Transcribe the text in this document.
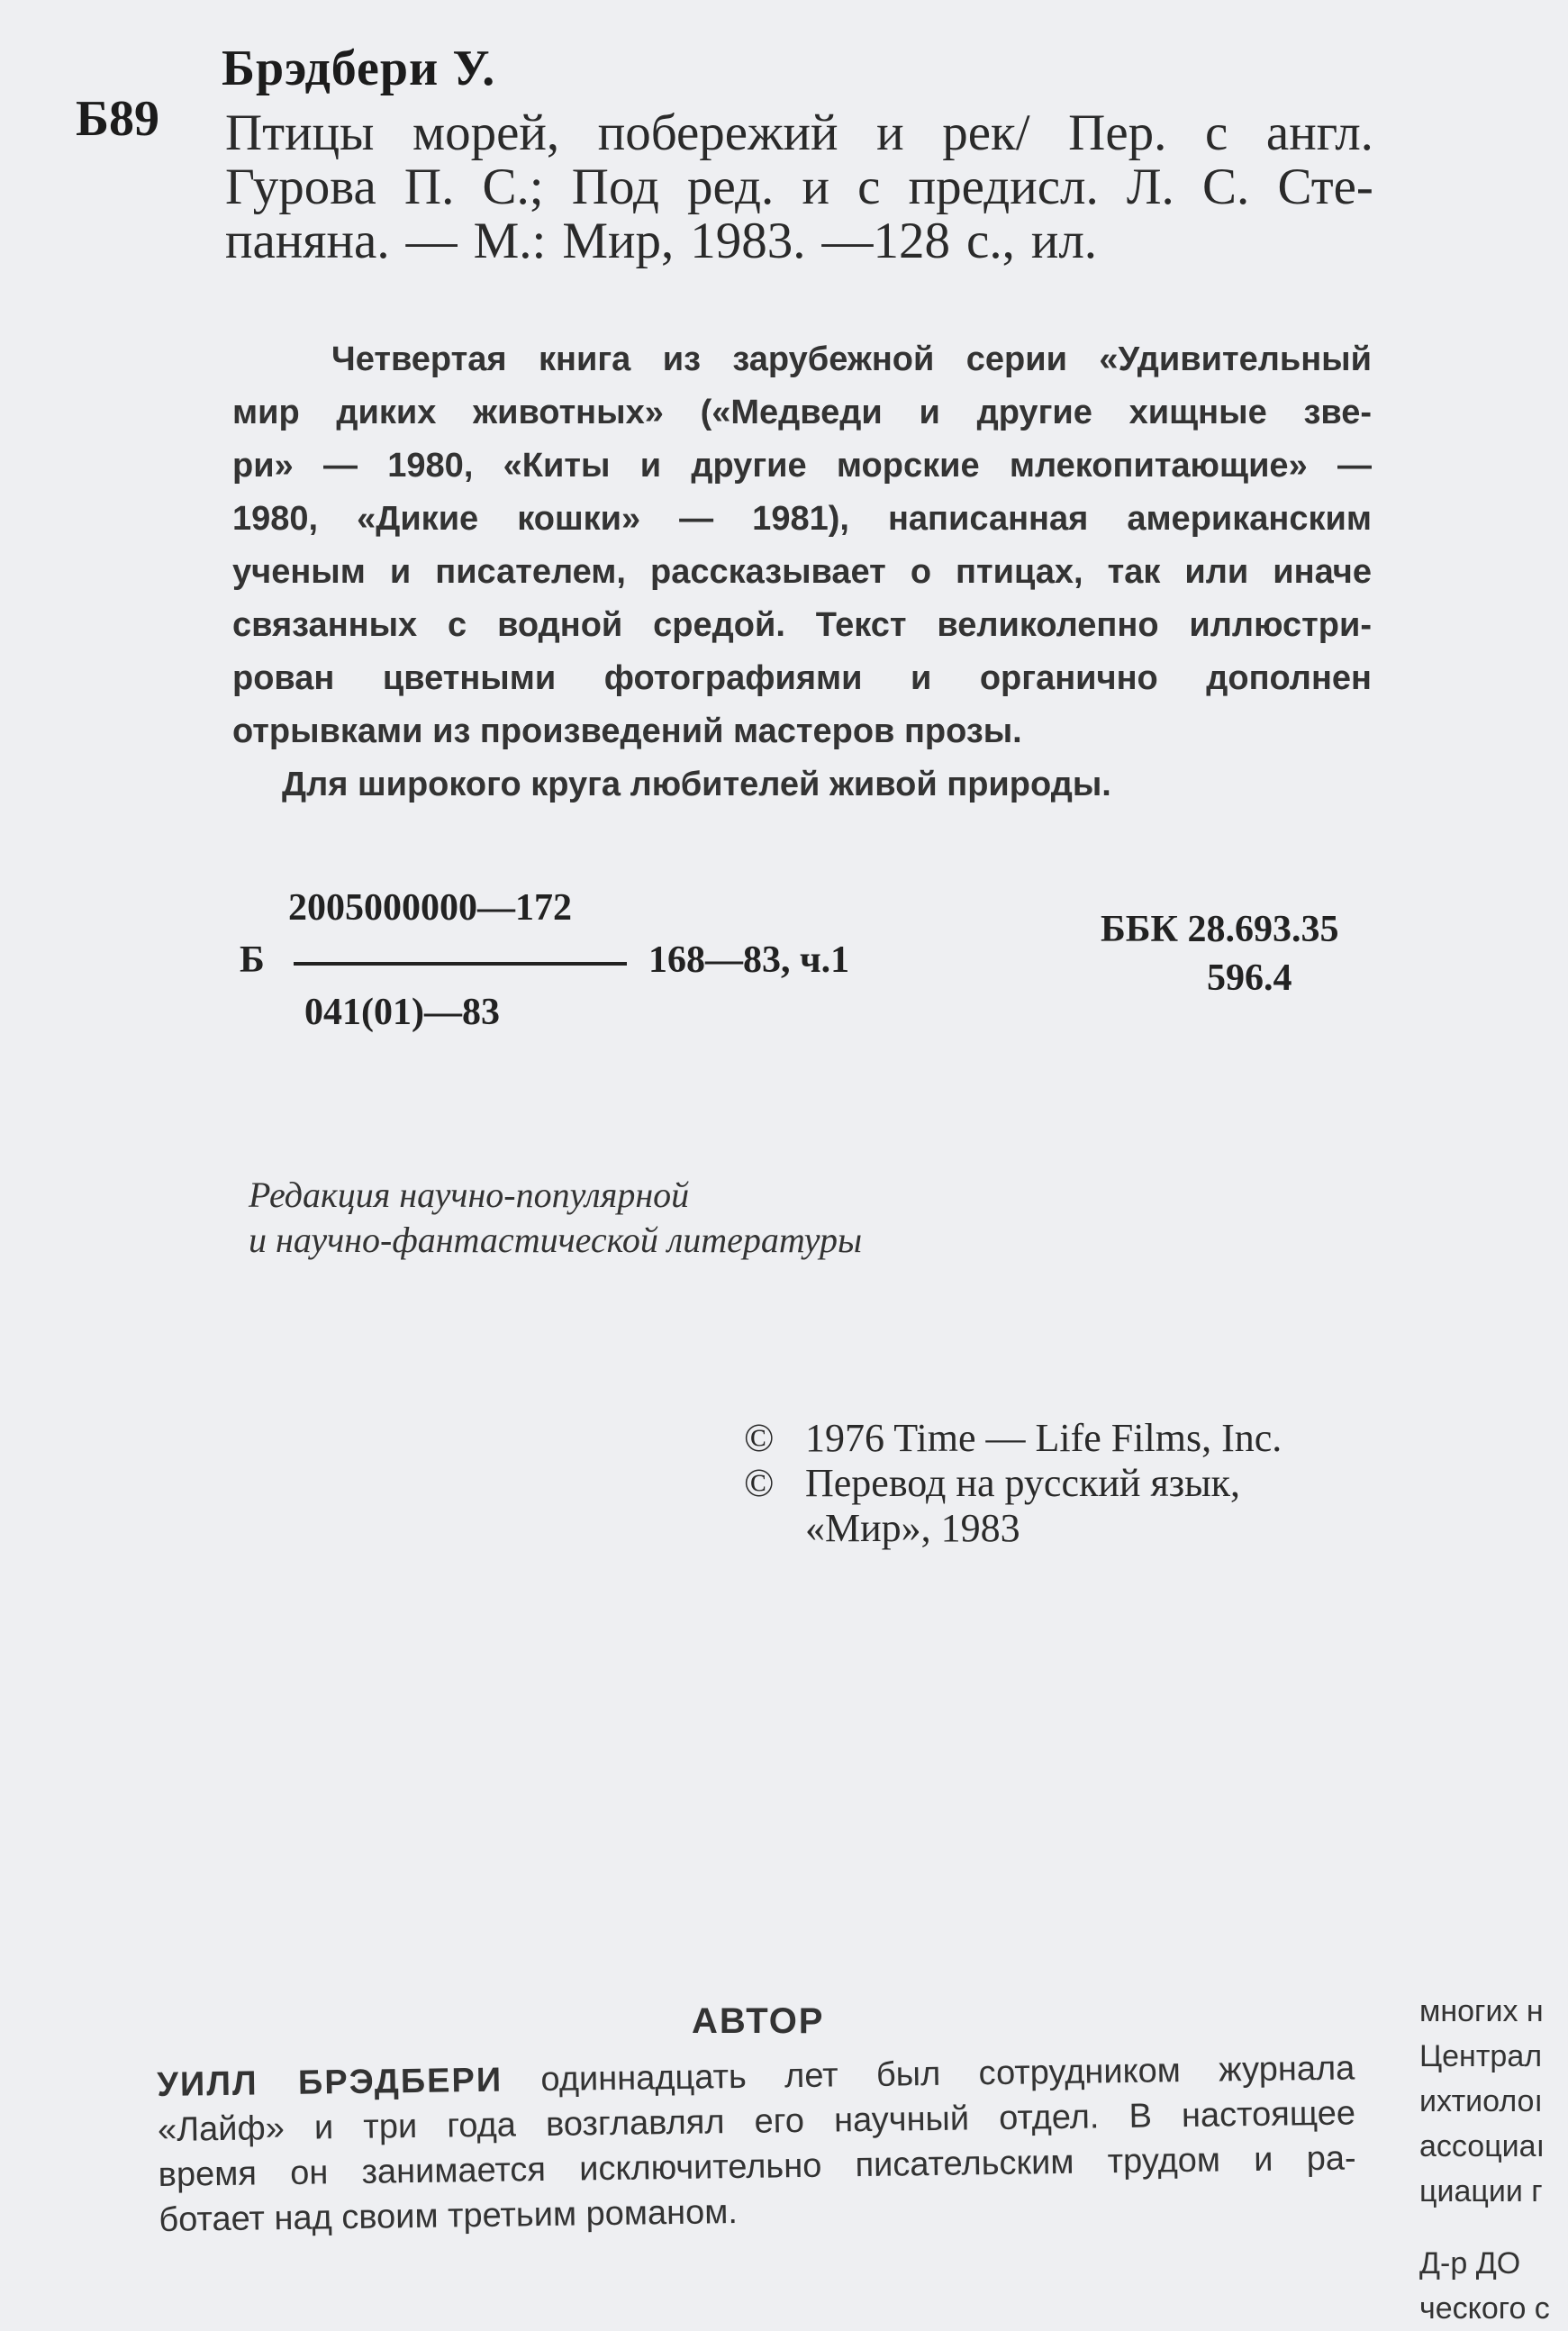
Брэдбери У.
Б89 Птицы морей, побережий и рек/ Пер. с англ.
Гурова П. С.; Под ред. и с предисл. Л. С. Сте-
паняна. — М.: Мир, 1983. —128 с., ил.
Четвертая книга из зарубежной серии «Удивительный
мир диких животных» («Медведи и другие хищные зве-
ри» — 1980, «Киты и другие морские млекопитающие» —
1980, «Дикие кошки» — 1981), написанная американским
ученым и писателем, рассказывает о птицах, так или иначе
связанных с водной средой. Текст великолепно иллюстри-
рован цветными фотографиями и органично дополнен
отрывками из произведений мастеров прозы.
Для широкого круга любителей живой природы.
2005000000—172
Б	168—83, ч.1
041(01)—83
ББК 28.693.35
596.4
Редакция научно-популярной
и научно-фантастической литературы
© 1976 Time — Life Films, Inc.
© Перевод на русский язык,
«Мир», 1983
АВТОР
УИЛЛ БРЭДБЕРИ одиннадцать лет был сотрудником журнала
«Лайф» и три года возглавлял его научный отдел. В настоящее
время он занимается исключительно писательским трудом и ра-
ботает над своим третьим романом.
многих н
Централ
ихтиолоı
ассоциаı
циации г
Д-р ДО
ческого с
